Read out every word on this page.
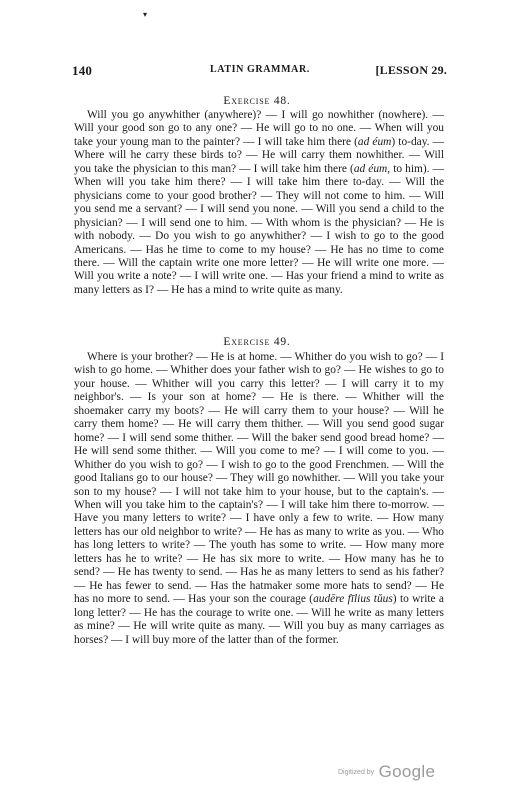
▾
140	LATIN GRAMMAR.	[LESSON 29.
Exercise 48.

Will you go anywhither (anywhere)? — I will go nowhither (nowhere). — Will your good son go to any one? — He will go to no one. — When will you take your young man to the painter? — I will take him there (ad éum) to-day. — Where will he carry these birds to? — He will carry them nowhither. — Will you take the physician to this man? — I will take him there (ad éum, to him). — When will you take him there? — I will take him there to-day. — Will the physicians come to your good brother? — They will not come to him. — Will you send me a servant? — I will send you none. — Will you send a child to the physician? — I will send one to him. — With whom is the physician? — He is with nobody. — Do you wish to go anywhither? — I wish to go to the good Americans. — Has he time to come to my house? — He has no time to come there. — Will the captain write one more letter? — He will write one more. — Will you write a note? — I will write one. — Has your friend a mind to write as many letters as I? — He has a mind to write quite as many.

Exercise 49.

Where is your brother? — He is at home. — Whither do you wish to go? — I wish to go home. — Whither does your father wish to go? — He wishes to go to your house. — Whither will you carry this letter? — I will carry it to my neighbor's. — Is your son at home? — He is there. — Whither will the shoemaker carry my boots? — He will carry them to your house? — Will he carry them home? — He will carry them thither. — Will you send good sugar home? — I will send some thither. — Will the baker send good bread home? — He will send some thither. — Will you come to me? — I will come to you. — Whither do you wish to go? — I wish to go to the good Frenchmen. — Will the good Italians go to our house? — They will go nowhither. — Will you take your son to my house? — I will not take him to your house, but to the captain's. — When will you take him to the captain's? — I will take him there to-morrow. — Have you many letters to write? — I have only a few to write. — How many letters has our old neighbor to write? — He has as many to write as you. — Who has long letters to write? — The youth has some to write. — How many more letters has he to write? — He has six more to write. — How many has he to send? — He has twenty to send. — Has he as many letters to send as his father? — He has fewer to send. — Has the hatmaker some more hats to send? — He has no more to send. — Has your son the courage (audēre fīlius tŭus) to write a long letter? — He has the courage to write one. — Will he write as many letters as mine? — He will write quite as many. — Will you buy as many carriages as horses? — I will buy more of the latter than of the former.

Digitized by Google
